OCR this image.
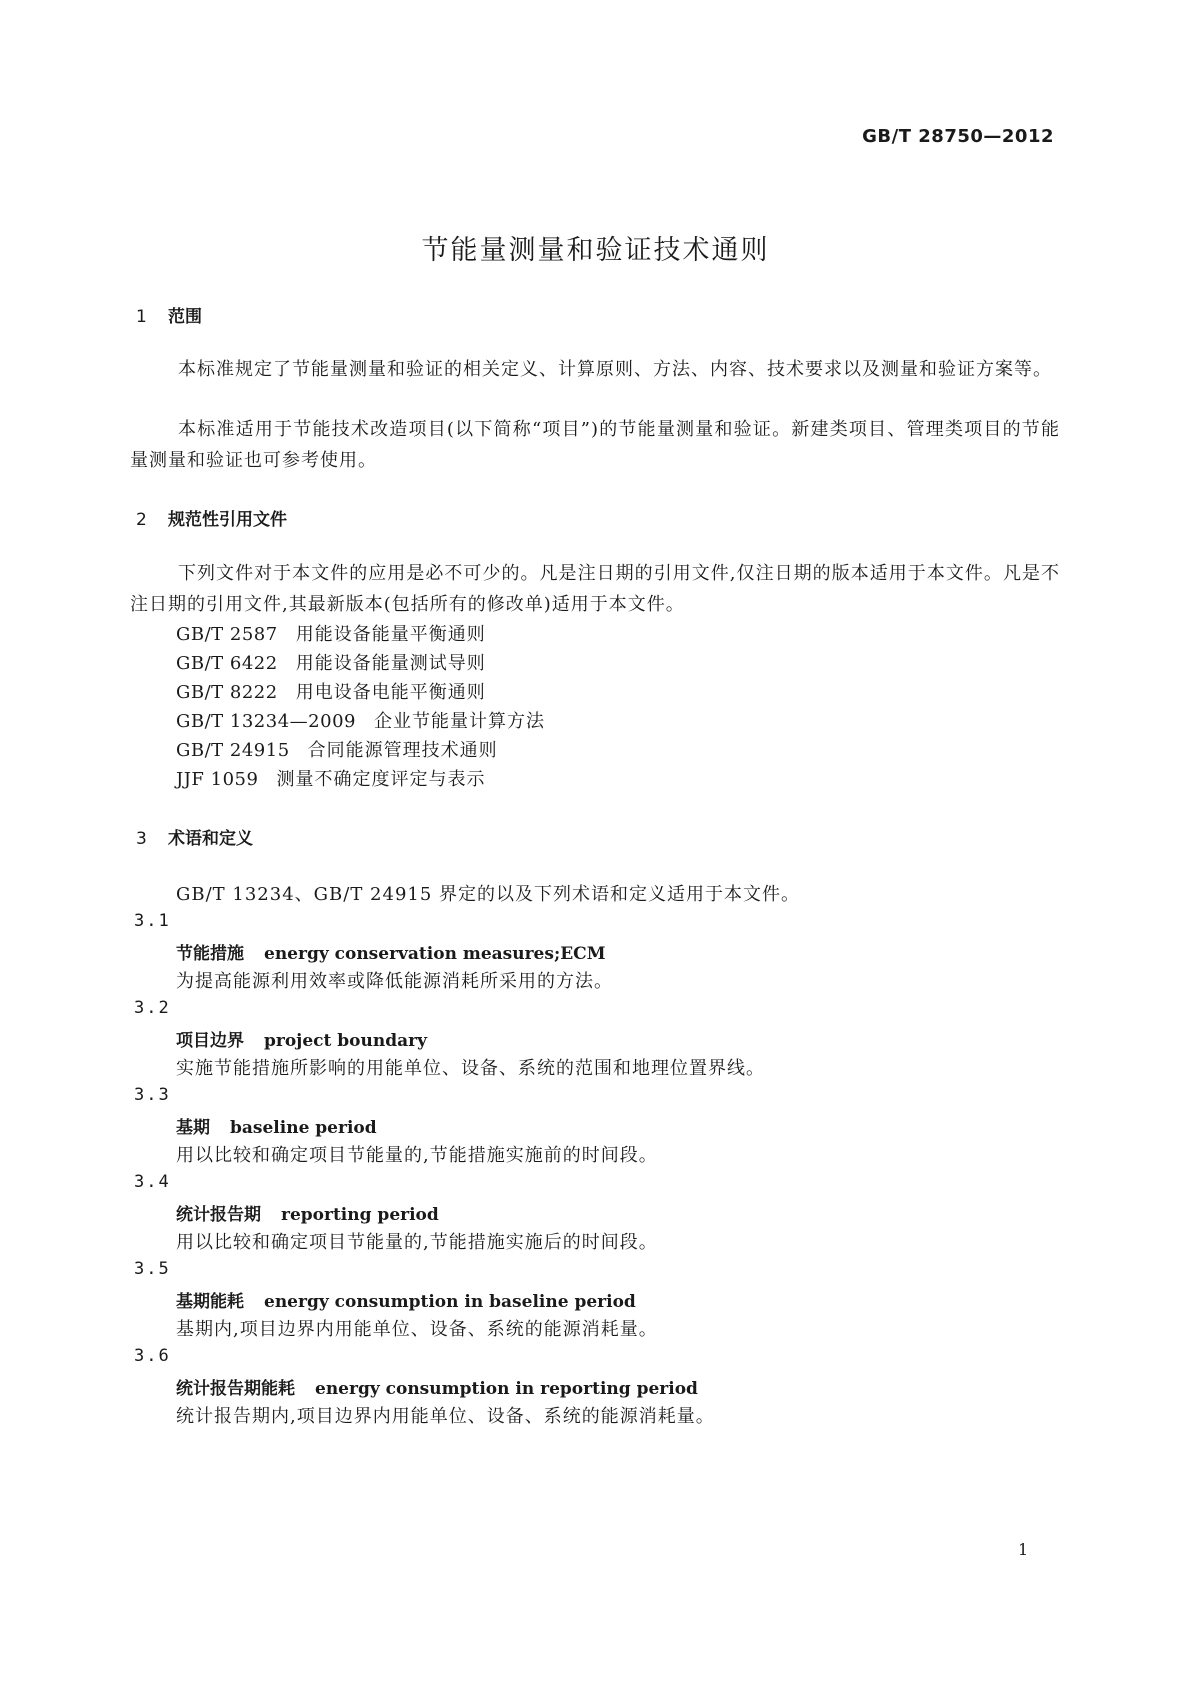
GB/T 28750—2012
节能量测量和验证技术通则
1 范围
本标准规定了节能量测量和验证的相关定义、计算原则、方法、内容、技术要求以及测量和验证方案等。
本标准适用于节能技术改造项目(以下简称“项目”)的节能量测量和验证。新建类项目、管理类项目的节能量测量和验证也可参考使用。
2 规范性引用文件
下列文件对于本文件的应用是必不可少的。凡是注日期的引用文件,仅注日期的版本适用于本文件。凡是不注日期的引用文件,其最新版本(包括所有的修改单)适用于本文件。
GB/T 2587 用能设备能量平衡通则
GB/T 6422 用能设备能量测试导则
GB/T 8222 用电设备电能平衡通则
GB/T 13234—2009 企业节能量计算方法
GB/T 24915 合同能源管理技术通则
JJF 1059 测量不确定度评定与表示
3 术语和定义
GB/T 13234、GB/T 24915 界定的以及下列术语和定义适用于本文件。
3.1
节能措施 energy conservation measures;ECM
为提高能源利用效率或降低能源消耗所采用的方法。
3.2
项目边界 project boundary
实施节能措施所影响的用能单位、设备、系统的范围和地理位置界线。
3.3
基期 baseline period
用以比较和确定项目节能量的,节能措施实施前的时间段。
3.4
统计报告期 reporting period
用以比较和确定项目节能量的,节能措施实施后的时间段。
3.5
基期能耗 energy consumption in baseline period
基期内,项目边界内用能单位、设备、系统的能源消耗量。
3.6
统计报告期能耗 energy consumption in reporting period
统计报告期内,项目边界内用能单位、设备、系统的能源消耗量。
1
